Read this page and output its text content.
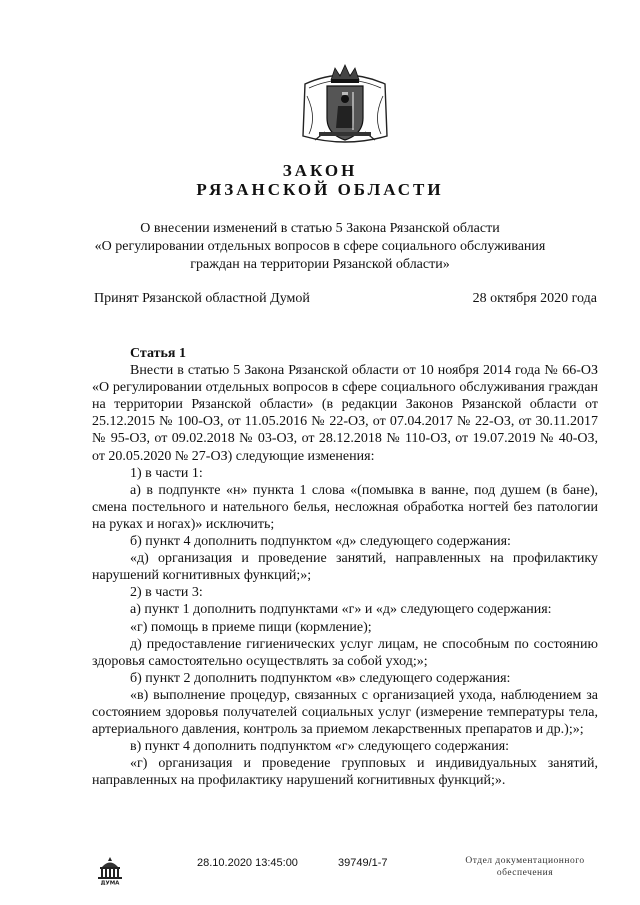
ЗАКОН
РЯЗАНСКОЙ ОБЛАСТИ
О внесении изменений в статью 5 Закона Рязанской области
«О регулировании отдельных вопросов в сфере социального обслуживания
граждан на территории Рязанской области»
Принят Рязанской областной Думой	28 октября 2020 года

Статья 1

Внести в статью 5 Закона Рязанской области от 10 ноября 2014 года № 66-ОЗ «О регулировании отдельных вопросов в сфере социального обслуживания граждан на территории Рязанской области» (в редакции Законов Рязанской области от 25.12.2015 № 100-ОЗ, от 11.05.2016 № 22-ОЗ, от 07.04.2017 № 22-ОЗ, от 30.11.2017 № 95-ОЗ, от 09.02.2018 № 03-ОЗ, от 28.12.2018 № 110-ОЗ, от 19.07.2019 № 40-ОЗ, от 20.05.2020 № 27-ОЗ) следующие изменения:

1) в части 1:

а) в подпункте «н» пункта 1 слова «(помывка в ванне, под душем (в бане), смена постельного и нательного белья, несложная обработка ногтей без патологии на руках и ногах)» исключить;

б) пункт 4 дополнить подпунктом «д» следующего содержания:

«д) организация и проведение занятий, направленных на профилактику нарушений когнитивных функций;»;

2) в части 3:

а) пункт 1 дополнить подпунктами «г» и «д» следующего содержания:

«г) помощь в приеме пищи (кормление);

д) предоставление гигиенических услуг лицам, не способным по состоянию здоровья самостоятельно осуществлять за собой уход;»;

б) пункт 2 дополнить подпунктом «в» следующего содержания:

«в) выполнение процедур, связанных с организацией ухода, наблюдением за состоянием здоровья получателей социальных услуг (измерение температуры тела, артериального давления, контроль за приемом лекарственных препаратов и др.);»;

в) пункт 4 дополнить подпунктом «г» следующего содержания:

«г) организация и проведение групповых и индивидуальных занятий, направленных на профилактику нарушений когнитивных функций;».

ДУМА
28.10.2020 13:45:00	39749/1-7	Отдел документационного
обеспечения
